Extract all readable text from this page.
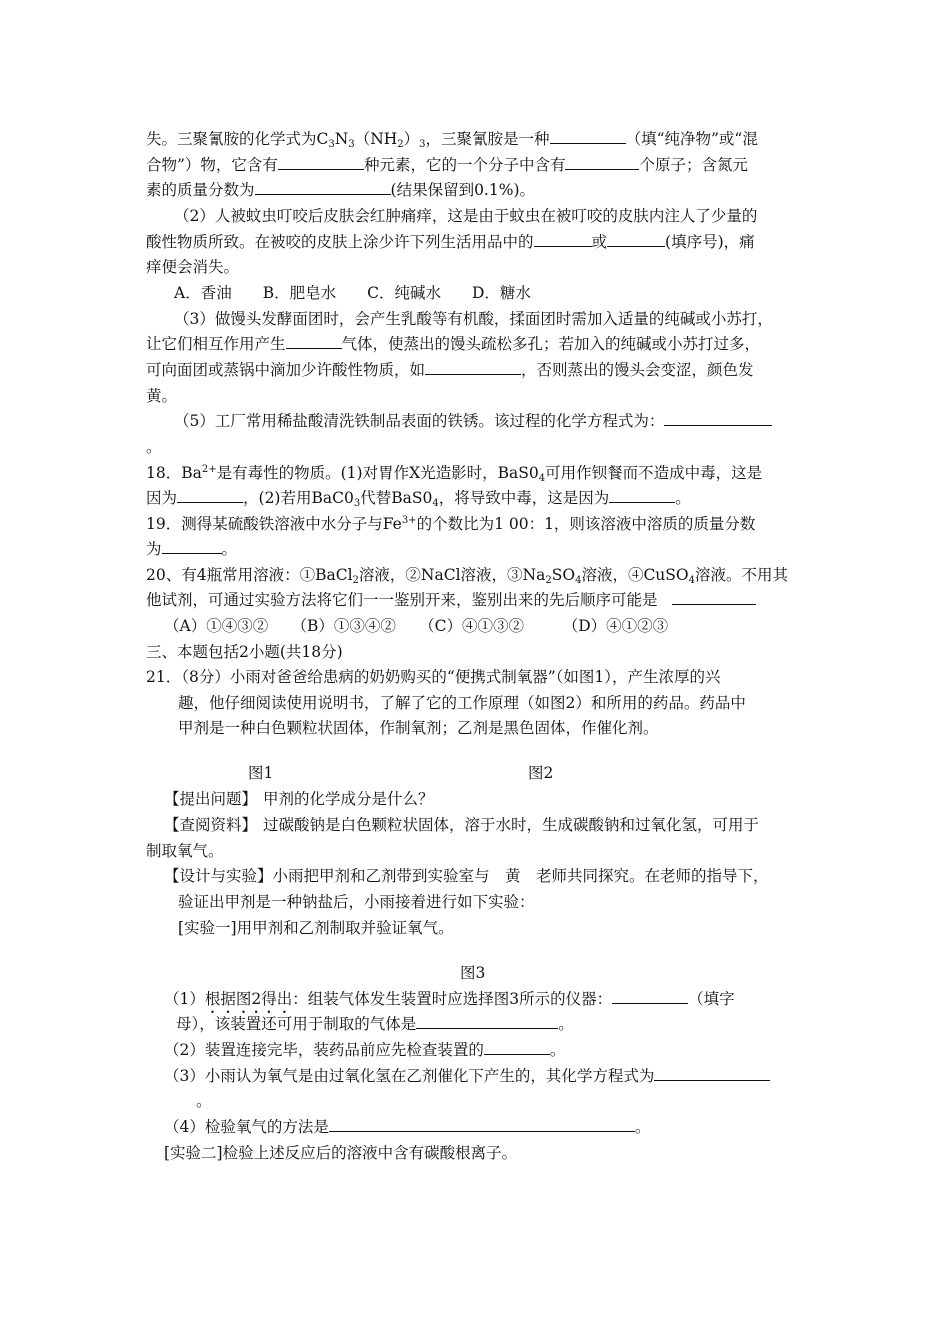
失。三聚氰胺的化学式为$C_3N_3(NH_2)_3$，三聚氰胺是一种	（填“纯净物”或“混
合物”）物，它含有	种元素，它的一个分子中含有	个原子；含氮元
素的质量分数为	(结果保留到0.1%)。
（2）人被蚊虫叮咬后皮肤会红肿痛痒，这是由于蚊虫在被叮咬的皮肤内注人了少量的
酸性物质所致。在被咬的皮肤上涂少许下列生活用品中的	或	(填序号)，痛
痒便会消失。
A．香油　　B．肥皂水　　C．纯碱水　　D．糖水
（3）做馒头发酵面团时，会产生乳酸等有机酸，揉面团时需加入适量的纯碱或小苏打，
让它们相互作用产生	气体，使蒸出的馒头疏松多孔；若加入的纯碱或小苏打过多，
可向面团或蒸锅中滴加少许酸性物质，如	，否则蒸出的馒头会变涩，颜色发
黄。
（5）工厂常用稀盐酸清洗铁制品表面的铁锈。该过程的化学方程式为：
。
18．$Ba^{2+}$是有毒性的物质。(1)对胃作X光造影时，$BaS0_4$可用作钡餐而不造成中毒，这是
因为	，(2)若用$BaC0_3$代替$BaS0_4$，将导致中毒，这是因为	。
19．测得某硫酸铁溶液中水分子与$Fe^{3+}$的个数比为1 00：1，则该溶液中溶质的质量分数
为	。
20、有4瓶常用溶液：①BaCl$_2$溶液，②NaCl溶液，$③Na_2SO_4$溶液，④CuSO$_4$溶液。不用其
他试剂，可通过实验方法将它们一一鉴别开来，鉴别出来的先后顺序可能是
（A）①④③②　　（B）①③④②　　（C）④①③②　　　（D）④①②③
三、本题包括2小题(共18分)
21．（8分）小雨对爸爸给患病的奶奶购买的“便携式制氧器”（如图1），产生浓厚的兴
趣，他仔细阅读使用说明书，了解了它的工作原理（如图2）和所用的药品。药品中
甲剂是一种白色颗粒状固体，作制氧剂；乙剂是黑色固体，作催化剂。
图1	图2
【提出问题】 甲剂的化学成分是什么？
【查阅资料】 过碳酸钠是白色颗粒状固体，溶于水时，生成碳酸钠和过氧化氢，可用于
制取氧气。
【设计与实验】小雨把甲剂和乙剂带到实验室与　黄　老师共同探究。在老师的指导下，
验证出甲剂是一种钠盐后，小雨接着进行如下实验：
[实验一]用甲剂和乙剂制取并验证氧气。
图3
（1）根据图2得出：组装气体发生装置时应选择图3所示的仪器：	（填字
母），该装置还可用于制取的气体是	。
（2）装置连接完毕，装药品前应先检查装置的	。
（3）小雨认为氧气是由过氧化氢在乙剂催化下产生的，其化学方程式为
。
（4）检验氧气的方法是	。
[实验二]检验上述反应后的溶液中含有碳酸根离子。
